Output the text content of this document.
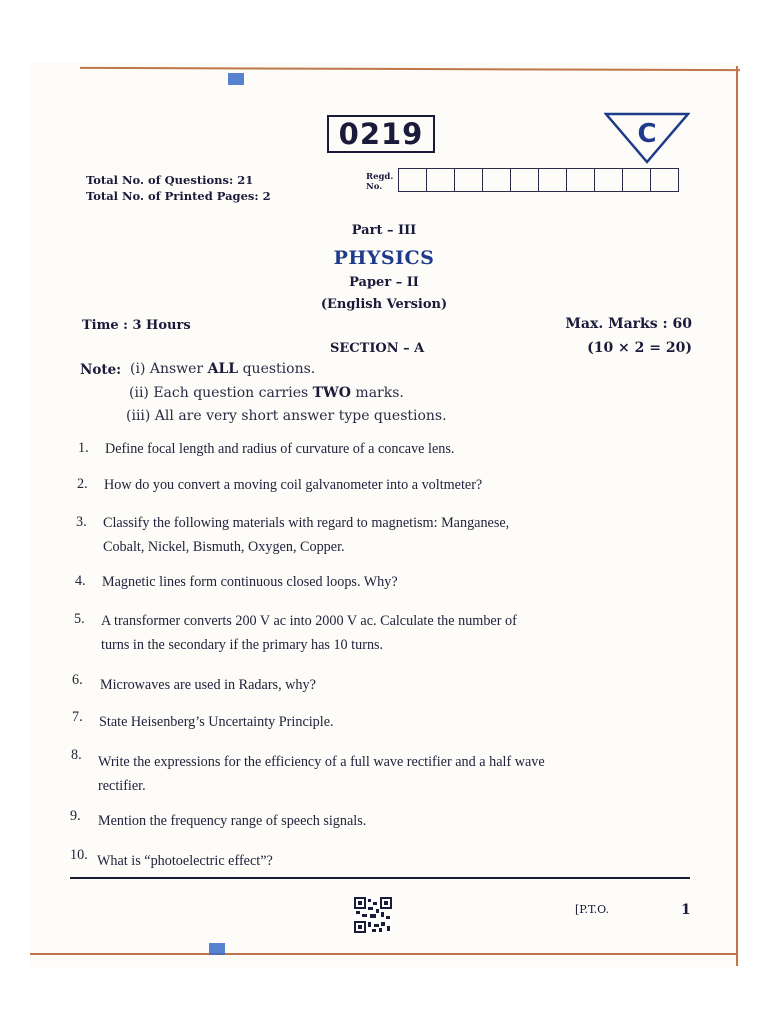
0219	C
Total No. of Questions: 21
Total No. of Printed Pages: 2
Regd.
No.
Part – III
PHYSICS
Paper – II
(English Version)
Time : 3 Hours	Max. Marks : 60
SECTION – A	(10 × 2 = 20)
Note: (i) Answer ALL questions.
(ii) Each question carries TWO marks.
(iii) All are very short answer type questions.
1. Define focal length and radius of curvature of a concave lens.
2. How do you convert a moving coil galvanometer into a voltmeter?
3. Classify the following materials with regard to magnetism: Manganese,
Cobalt, Nickel, Bismuth, Oxygen, Copper.
4. Magnetic lines form continuous closed loops. Why?
5. A transformer converts 200 V ac into 2000 V ac. Calculate the number of
turns in the secondary if the primary has 10 turns.
6. Microwaves are used in Radars, why?
7. State Heisenberg’s Uncertainty Principle.
8. Write the expressions for the efficiency of a full wave rectifier and a half wave
rectifier.
9. Mention the frequency range of speech signals.
10. What is “photoelectric effect”?
[P.T.O.	1
